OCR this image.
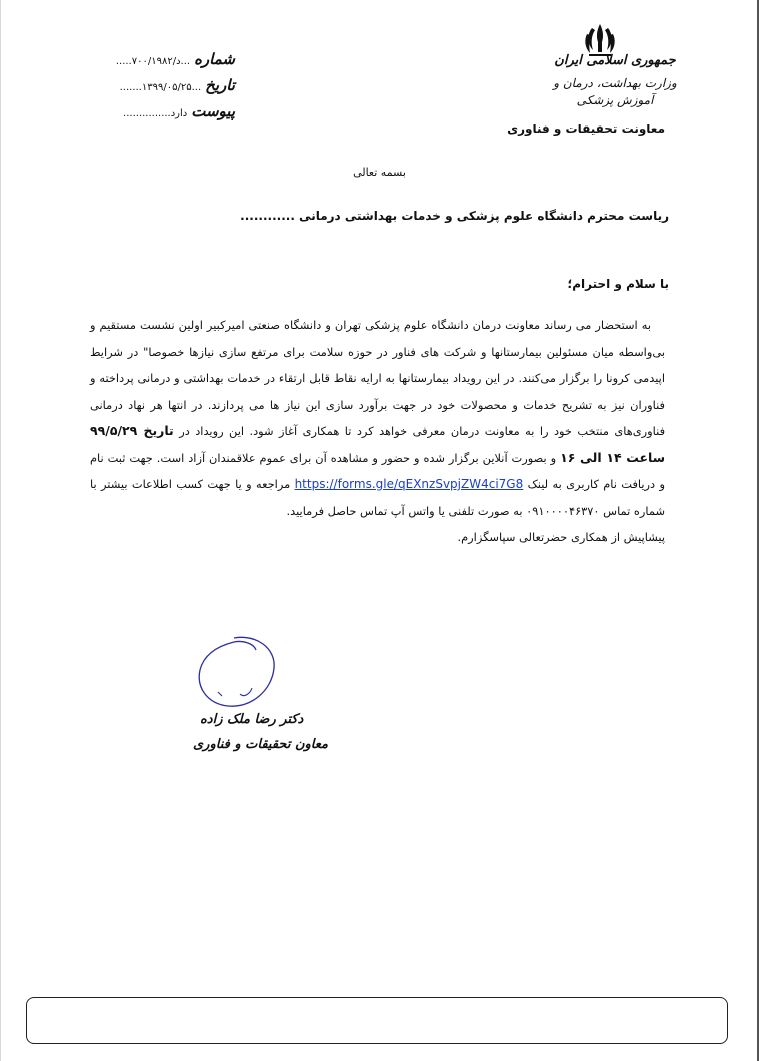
جمهوری اسلامی ایران
وزارت بهداشت، درمان و آموزش پزشکی
معاونت تحقیقات و فناوری
شماره
...د/۷۰۰/۱۹۸۲.....
تاریخ
...۱۳۹۹/۰۵/۲۵.......
پیوست
دارد...............
بسمه تعالی
ریاست محترم دانشگاه علوم پزشکی و خدمات بهداشتی درمانی ............
با سلام و احترام؛

به استحضار می رساند معاونت درمان دانشگاه علوم پزشکی تهران و دانشگاه صنعتی امیرکبیر اولین نشست مستقیم و بی‌واسطه میان مسئولین بیمارستانها و شرکت های فناور در حوزه سلامت برای مرتفع سازی نیازها خصوصا" در شرایط اپیدمی کرونا را برگزار می‌کنند. در این رویداد بیمارستانها به ارایه نقاط قابل ارتقاء در خدمات بهداشتی و درمانی پرداخته و فناوران نیز به تشریح خدمات و محصولات خود در جهت برآورد سازی این نیاز ها می پردازند. در انتها هر نهاد درمانی فناوری‌های منتخب خود را به معاونت درمان معرفی خواهد کرد تا همکاری آغاز شود. این رویداد در تاریخ ۹۹/۵/۲۹ ساعت ۱۴ الی ۱۶ و بصورت آنلاین برگزار شده و حضور و مشاهده آن برای عموم علاقمندان آزاد است. جهت ثبت نام و دریافت نام کاربری به لینک https://forms.gle/qEXnzSvpjZW4ci7G8 مراجعه و یا جهت کسب اطلاعات بیشتر با شماره تماس ۰۹۱۰۰۰۰۴۶۳۷۰ به صورت تلفنی یا واتس آپ تماس حاصل فرمایید.

پیشاپیش از همکاری حضرتعالی سپاسگزارم.

دکتر رضا ملک زاده
معاون تحقیقات و فناوری
